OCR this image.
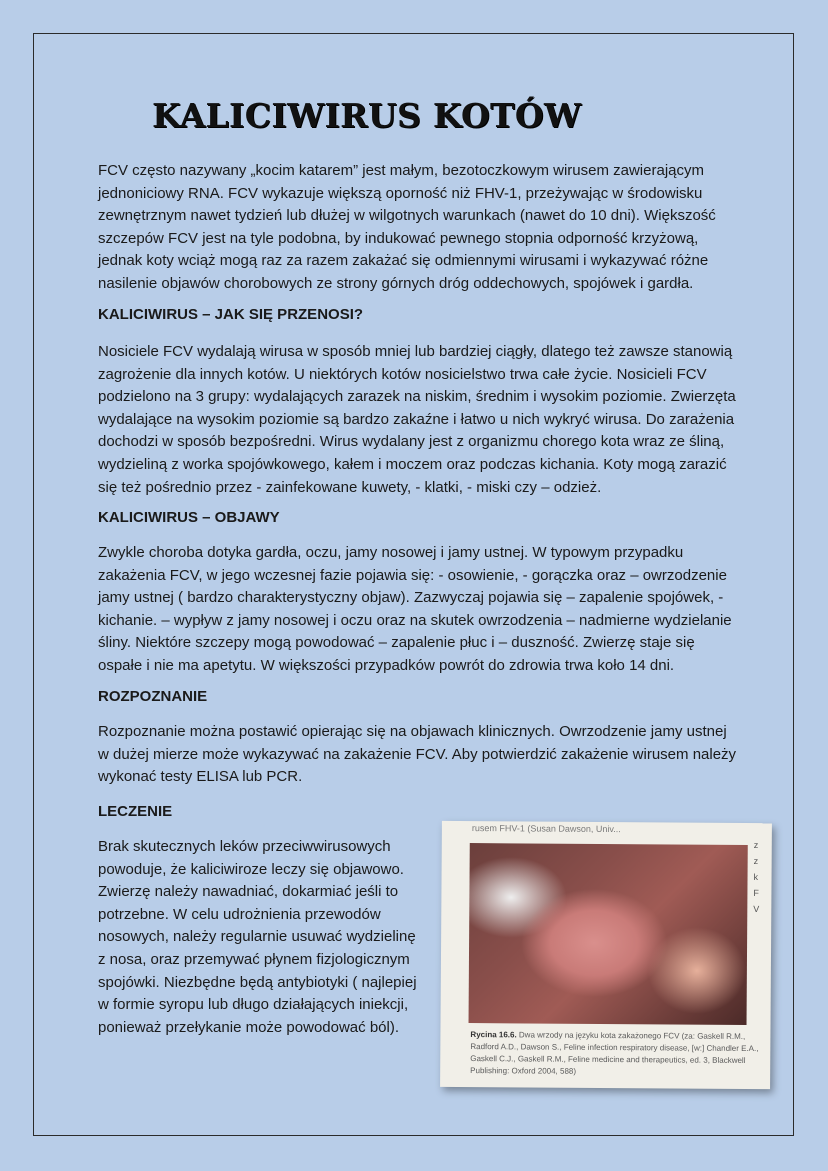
KALICIWIRUS KOTÓW

FCV często nazywany „kocim katarem” jest małym, bezotoczkowym wirusem zawierającym jednoniciowy RNA. FCV wykazuje większą oporność niż FHV-1, przeżywając w środowisku zewnętrznym nawet tydzień lub dłużej w wilgotnych warunkach (nawet do 10 dni). Większość szczepów FCV jest na tyle podobna, by indukować pewnego stopnia odporność krzyżową, jednak koty wciąż mogą raz za razem zakażać się odmiennymi wirusami i wykazywać różne nasilenie objawów chorobowych ze strony górnych dróg oddechowych, spojówek i gardła.

KALICIWIRUS – JAK SIĘ PRZENOSI?

Nosiciele FCV wydalają wirusa w sposób mniej lub bardziej ciągły, dlatego też zawsze stanowią zagrożenie dla innych kotów. U niektórych kotów nosicielstwo trwa całe życie. Nosicieli FCV podzielono na 3 grupy: wydalających zarazek na niskim, średnim i wysokim poziomie. Zwierzęta wydalające na wysokim poziomie są bardzo zakaźne i łatwo u nich wykryć wirusa. Do zarażenia dochodzi w sposób bezpośredni. Wirus wydalany jest z organizmu chorego kota wraz ze śliną, wydzieliną z worka spojówkowego, kałem i moczem oraz podczas kichania. Koty mogą zarazić się też pośrednio przez - zainfekowane kuwety, - klatki, - miski czy – odzież.

KALICIWIRUS – OBJAWY

Zwykle choroba dotyka gardła, oczu, jamy nosowej i jamy ustnej. W typowym przypadku zakażenia FCV, w jego wczesnej fazie pojawia się: - osowienie, - gorączka oraz – owrzodzenie jamy ustnej ( bardzo charakterystyczny objaw). Zazwyczaj pojawia się – zapalenie spojówek, - kichanie. – wypływ z jamy nosowej i oczu oraz na skutek owrzodzenia – nadmierne wydzielanie śliny. Niektóre szczepy mogą powodować – zapalenie płuc i – duszność. Zwierzę staje się ospałe i nie ma apetytu. W większości przypadków powrót do zdrowia trwa koło 14 dni.

ROZPOZNANIE

Rozpoznanie można postawić opierając się na objawach klinicznych. Owrzodzenie jamy ustnej w dużej mierze może wykazywać na zakażenie FCV. Aby potwierdzić zakażenie wirusem należy wykonać testy ELISA lub PCR.

LECZENIE

Brak skutecznych leków przeciwwirusowych powoduje, że kaliciwiroze leczy się objawowo. Zwierzę należy nawadniać, dokarmiać jeśli to potrzebne. W celu udrożnienia przewodów nosowych, należy regularnie usuwać wydzielinę z nosa, oraz przemywać płynem fizjologicznym spojówki. Niezbędne będą antybiotyki ( najlepiej w formie syropu lub długo działających iniekcji, ponieważ przełykanie może powodować ból).

rusem FHV-1 (Susan Dawson, Univ...
z
z
k
F
V
Rycina 16.6. Dwa wrzody na języku kota zakażonego FCV (za: Gaskell R.M., Radford A.D., Dawson S., Feline infection respiratory disease, [w:] Chandler E.A., Gaskell C.J., Gaskell R.M., Feline medicine and therapeutics, ed. 3, Blackwell Publishing: Oxford 2004, 588)
